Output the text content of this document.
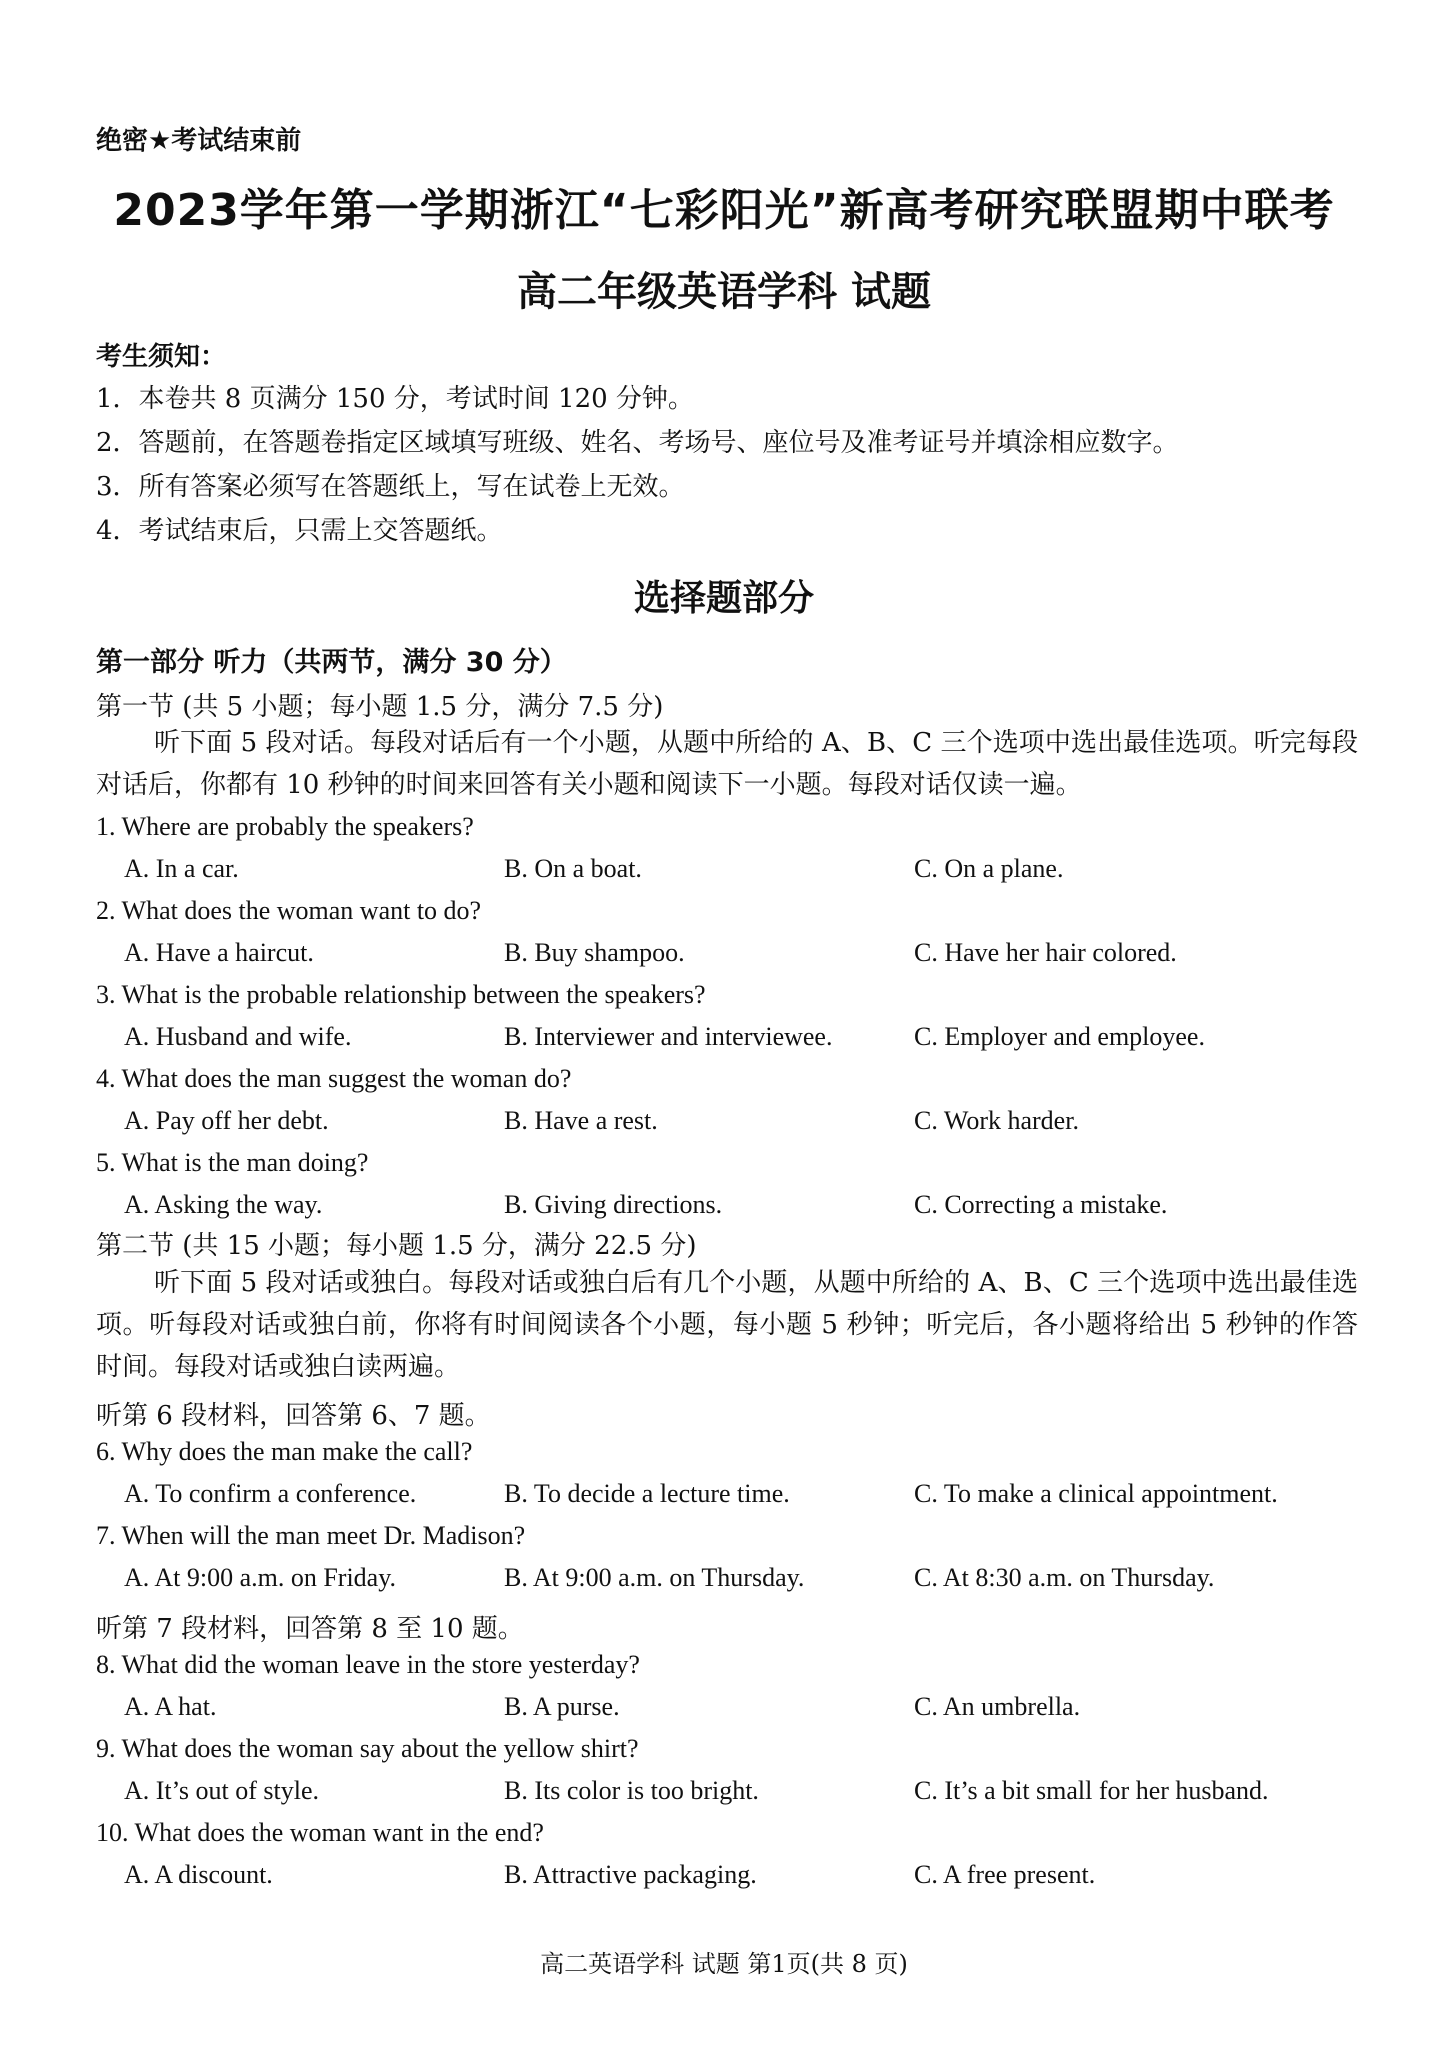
绝密★考试结束前
2023学年第一学期浙江“七彩阳光”新高考研究联盟期中联考
高二年级英语学科 试题
考生须知：
1．本卷共 8 页满分 150 分，考试时间 120 分钟。
2．答题前，在答题卷指定区域填写班级、姓名、考场号、座位号及准考证号并填涂相应数字。
3．所有答案必须写在答题纸上，写在试卷上无效。
4．考试结束后，只需上交答题纸。
选择题部分
第一部分 听力（共两节，满分 30 分）
第一节 (共 5 小题；每小题 1.5 分，满分 7.5 分)
听下面 5 段对话。每段对话后有一个小题，从题中所给的 A、B、C 三个选项中选出最佳选项。听完每段对话后，你都有 10 秒钟的时间来回答有关小题和阅读下一小题。每段对话仅读一遍。
第二节 (共 15 小题；每小题 1.5 分，满分 22.5 分)
听下面 5 段对话或独白。每段对话或独白后有几个小题，从题中所给的 A、B、C 三个选项中选出最佳选项。听每段对话或独白前，你将有时间阅读各个小题，每小题 5 秒钟；听完后，各小题将给出 5 秒钟的作答时间。每段对话或独白读两遍。
听第 6 段材料，回答第 6、7 题。
听第 7 段材料，回答第 8 至 10 题。
高二英语学科 试题 第1页(共 8 页)
1. Where are probably the speakers?
A. In a car.	B. On a boat.	C. On a plane.
2. What does the woman want to do?
A. Have a haircut.	B. Buy shampoo.	C. Have her hair colored.
3. What is the probable relationship between the speakers?
A. Husband and wife.	B. Interviewer and interviewee.	C. Employer and employee.
4. What does the man suggest the woman do?
A. Pay off her debt.	B. Have a rest.	C. Work harder.
5. What is the man doing?
A. Asking the way.	B. Giving directions.	C. Correcting a mistake.
6. Why does the man make the call?
A. To confirm a conference.	B. To decide a lecture time.	C. To make a clinical appointment.
7. When will the man meet Dr. Madison?
A. At 9:00 a.m. on Friday.	B. At 9:00 a.m. on Thursday.	C. At 8:30 a.m. on Thursday.
8. What did the woman leave in the store yesterday?
A. A hat.	B. A purse.	C. An umbrella.
9. What does the woman say about the yellow shirt?
A. It’s out of style.	B. Its color is too bright.	C. It’s a bit small for her husband.
10. What does the woman want in the end?
A. A discount.	B. Attractive packaging.	C. A free present.
